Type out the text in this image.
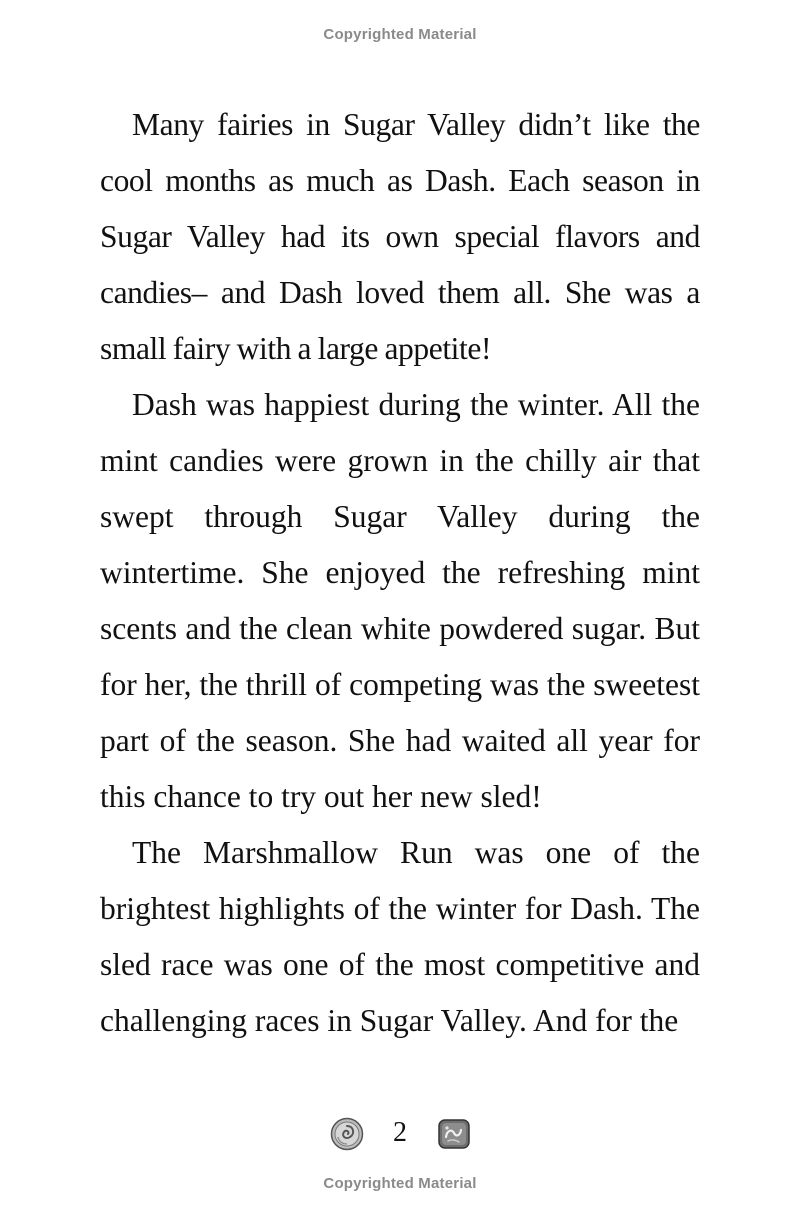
Copyrighted Material

Many fairies in Sugar Valley didn’t like the cool months as much as Dash. Each season in Sugar Valley had its own special flavors and candies– and Dash loved them all. She was a small fairy with a large appetite!

Dash was happiest during the winter. All the mint candies were grown in the chilly air that swept through Sugar Valley during the wintertime. She enjoyed the refreshing mint scents and the clean white powdered sugar. But for her, the thrill of competing was the sweetest part of the season. She had waited all year for this chance to try out her new sled!

The Marshmallow Run was one of the brightest highlights of the winter for Dash. The sled race was one of the most competitive and challenging races in Sugar Valley. And for the

2
Copyrighted Material
